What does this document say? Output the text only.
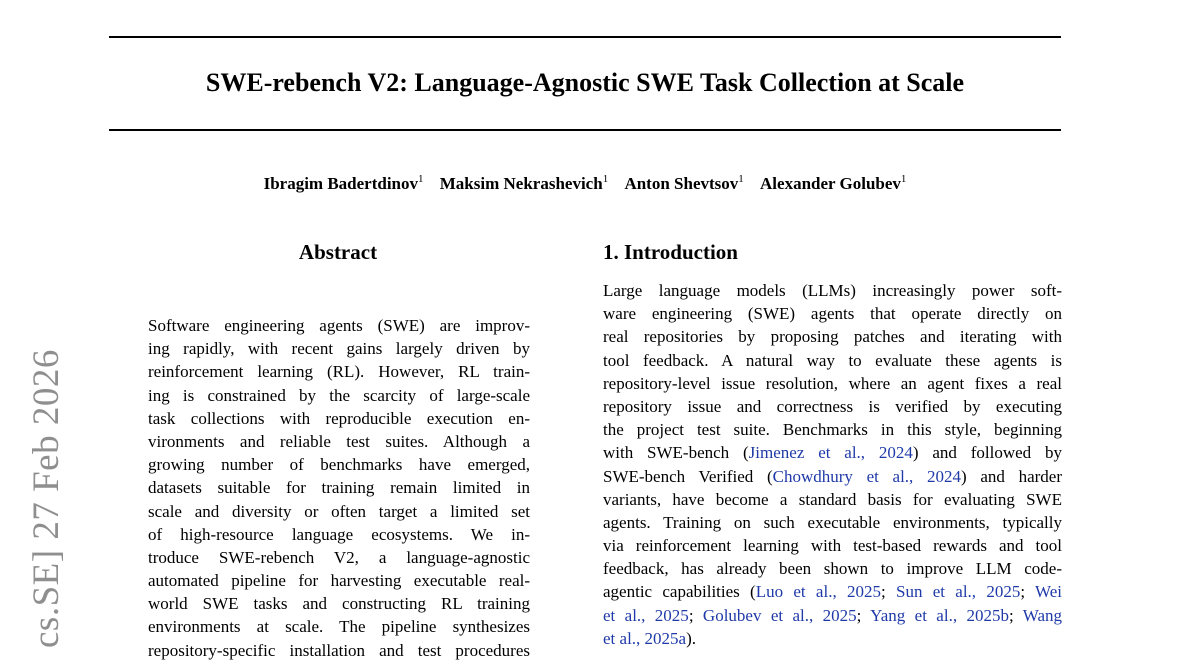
SWE-rebench V2: Language-Agnostic SWE Task Collection at Scale
Ibragim Badertdinov$^1$ Maksim Nekrashevich$^1$ Anton Shevtsov$^1$ Alexander Golubev$^1$
cs.SE] 27 Feb 2026
Abstract
Software engineering agents (SWE) are improv-
ing rapidly, with recent gains largely driven by
reinforcement learning (RL). However, RL train-
ing is constrained by the scarcity of large-scale
task collections with reproducible execution en-
vironments and reliable test suites. Although a
growing number of benchmarks have emerged,
datasets suitable for training remain limited in
scale and diversity or often target a limited set
of high-resource language ecosystems. We in-
troduce SWE-rebench V2, a language-agnostic
automated pipeline for harvesting executable real-
world SWE tasks and constructing RL training
environments at scale. The pipeline synthesizes
repository-specific installation and test procedures
1. Introduction
Large language models (LLMs) increasingly power soft-
ware engineering (SWE) agents that operate directly on
real repositories by proposing patches and iterating with
tool feedback. A natural way to evaluate these agents is
repository-level issue resolution, where an agent fixes a real
repository issue and correctness is verified by executing
the project test suite. Benchmarks in this style, beginning
with SWE-bench (Jimenez et al., 2024) and followed by
SWE-bench Verified (Chowdhury et al., 2024) and harder
variants, have become a standard basis for evaluating SWE
agents. Training on such executable environments, typically
via reinforcement learning with test-based rewards and tool
feedback, has already been shown to improve LLM code-
agentic capabilities (Luo et al., 2025; Sun et al., 2025; Wei
et al., 2025; Golubev et al., 2025; Yang et al., 2025b; Wang
et al., 2025a).
